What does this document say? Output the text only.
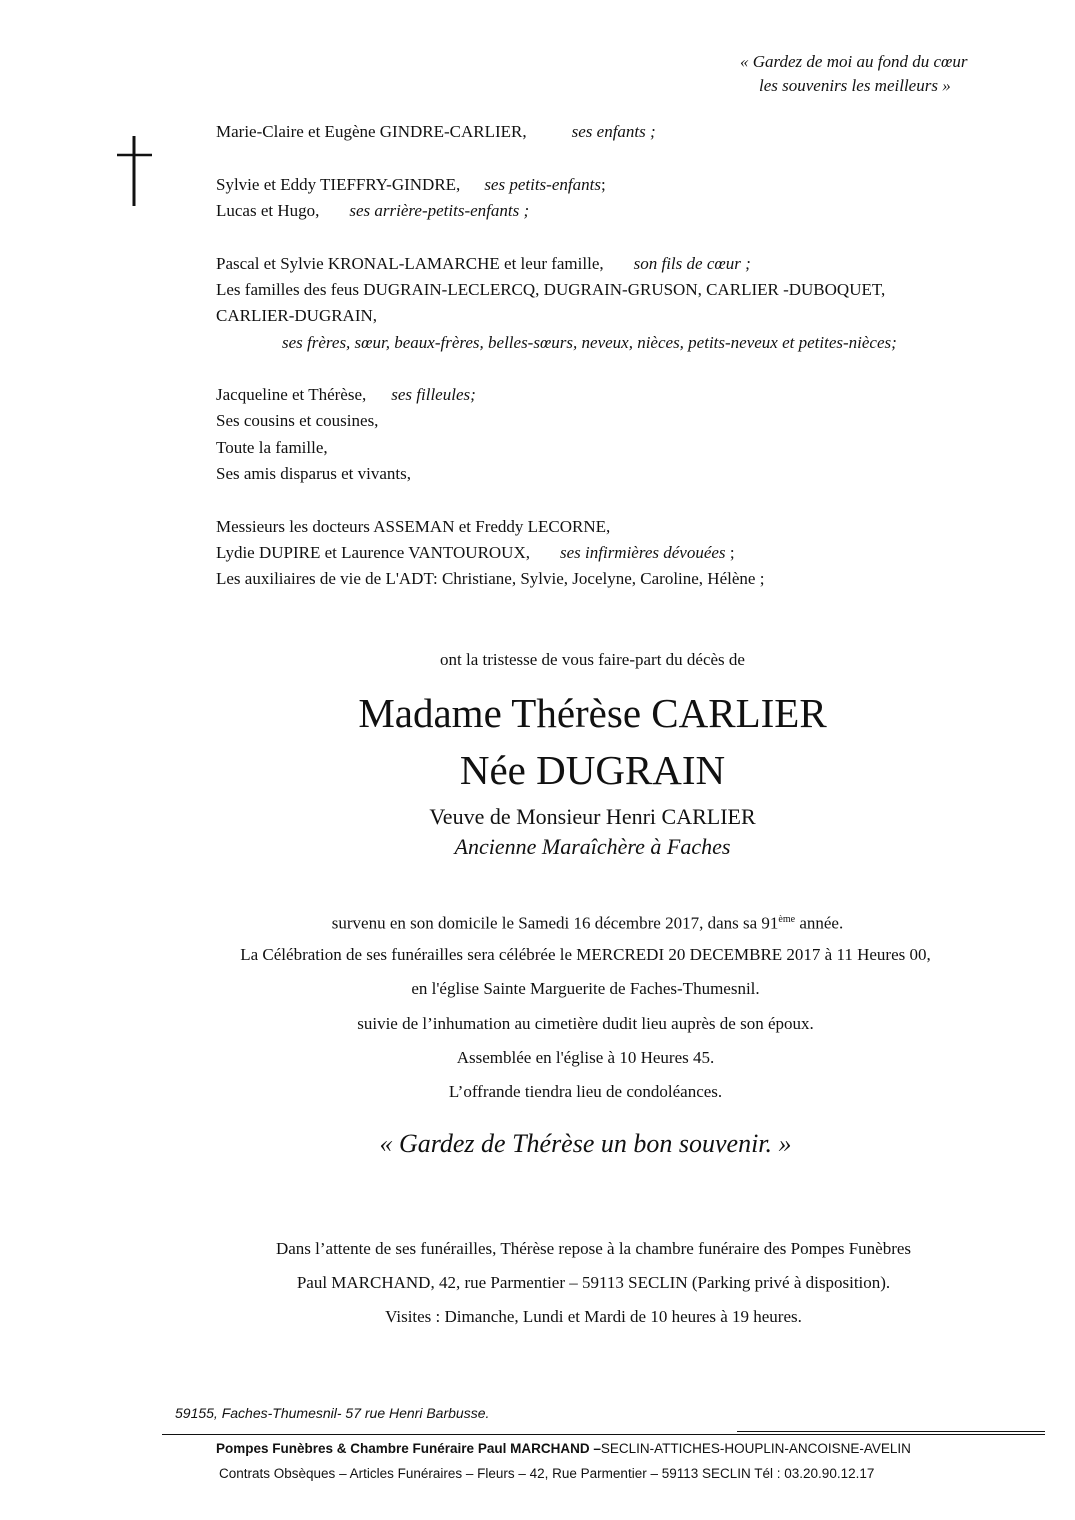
« Gardez de moi au fond du cœur
les souvenirs les meilleurs »
Marie-Claire et Eugène GINDRE-CARLIER,	ses enfants ;
Sylvie et Eddy TIEFFRY-GINDRE, ses petits-enfants;
Lucas et Hugo, ses arrière-petits-enfants ;
Pascal et Sylvie KRONAL-LAMARCHE et leur famille, son fils de cœur ;
Les familles des feus DUGRAIN-LECLERCQ, DUGRAIN-GRUSON, CARLIER -DUBOQUET,
CARLIER-DUGRAIN,
ses frères, sœur, beaux-frères, belles-sœurs, neveux, nièces, petits-neveux et petites-nièces;
Jacqueline et Thérèse, ses filleules;
Ses cousins et cousines,
Toute la famille,
Ses amis disparus et vivants,
Messieurs les docteurs ASSEMAN et Freddy LECORNE,
Lydie DUPIRE et Laurence VANTOUROUX, ses infirmières dévouées ;
Les auxiliaires de vie de L'ADT: Christiane, Sylvie, Jocelyne, Caroline, Hélène ;
ont la tristesse de vous faire-part du décès de
Madame Thérèse CARLIER
Née DUGRAIN
Veuve de Monsieur Henri CARLIER
Ancienne Maraîchère à Faches
survenu en son domicile le Samedi 16 décembre 2017, dans sa 91ème année.
La Célébration de ses funérailles sera célébrée le MERCREDI 20 DECEMBRE 2017 à 11 Heures 00,
en l'église Sainte Marguerite de Faches-Thumesnil.
suivie de l’inhumation au cimetière dudit lieu auprès de son époux.
Assemblée en l'église à 10 Heures 45.
L’offrande tiendra lieu de condoléances.
« Gardez de Thérèse un bon souvenir. »
Dans l’attente de ses funérailles, Thérèse repose à la chambre funéraire des Pompes Funèbres
Paul MARCHAND, 42, rue Parmentier – 59113 SECLIN (Parking privé à disposition).
Visites : Dimanche, Lundi et Mardi de 10 heures à 19 heures.
59155, Faches-Thumesnil- 57 rue Henri Barbusse.
Pompes Funèbres & Chambre Funéraire Paul MARCHAND –SECLIN-ATTICHES-HOUPLIN-ANCOISNE-AVELIN
Contrats Obsèques – Articles Funéraires – Fleurs – 42, Rue Parmentier – 59113 SECLIN Tél : 03.20.90.12.17
